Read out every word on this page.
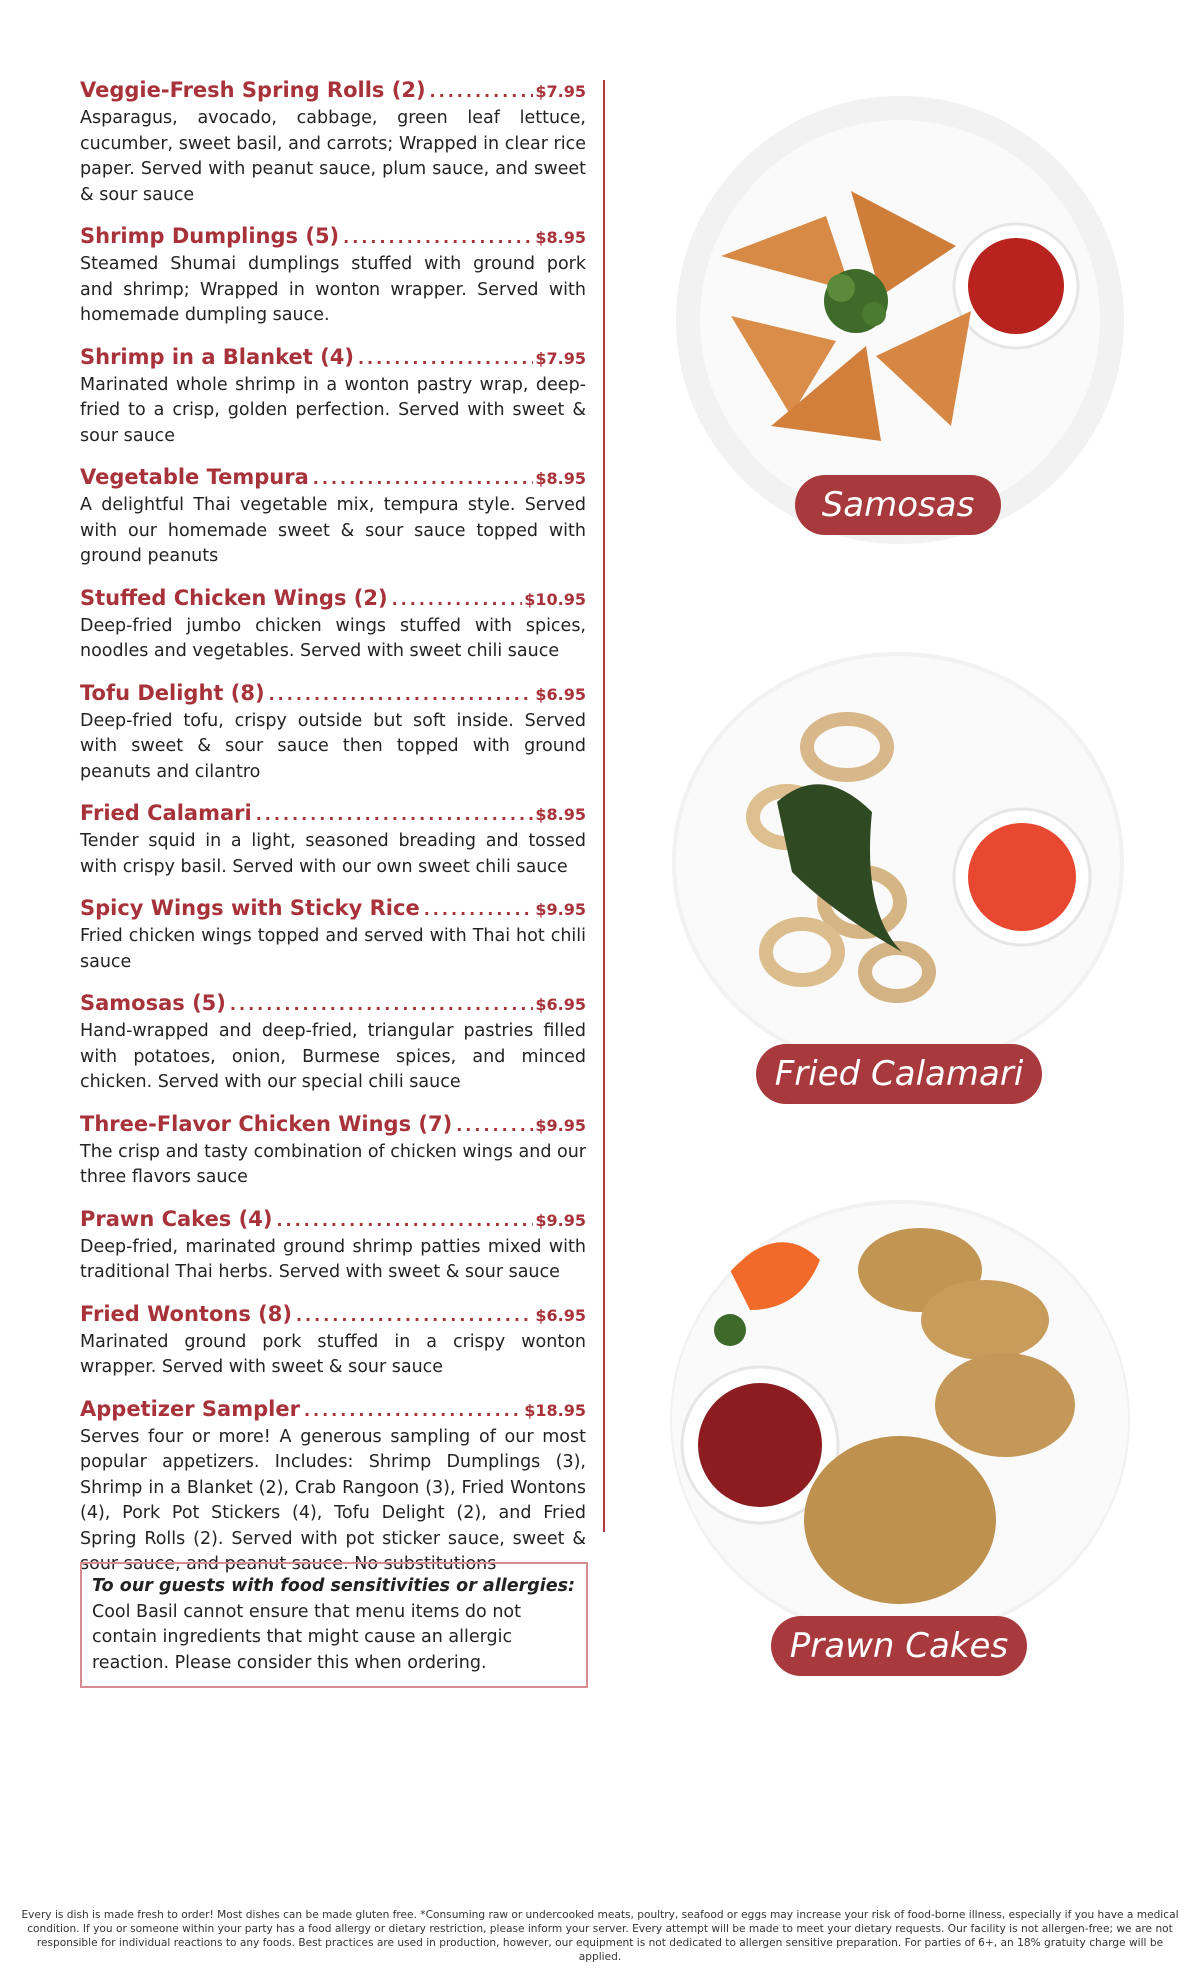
Veggie-Fresh Spring Rolls (2) .....	$7.95
Asparagus, avocado, cabbage, green leaf lettuce, cucumber, sweet basil, and carrots; Wrapped in clear rice paper. Served with peanut sauce, plum sauce, and sweet & sour sauce
Shrimp Dumplings (5) .....	$8.95
Steamed Shumai dumplings stuffed with ground pork and shrimp; Wrapped in wonton wrapper. Served with homemade dumpling sauce.
Shrimp in a Blanket (4) .....	$7.95
Marinated whole shrimp in a wonton pastry wrap, deep-fried to a crisp, golden perfection. Served with sweet & sour sauce
Vegetable Tempura .....	$8.95
A delightful Thai vegetable mix, tempura style. Served with our homemade sweet & sour sauce topped with ground peanuts
Stuffed Chicken Wings (2) .....	$10.95
Deep-fried jumbo chicken wings stuffed with spices, noodles and vegetables. Served with sweet chili sauce
Tofu Delight (8) .....	$6.95
Deep-fried tofu, crispy outside but soft inside. Served with sweet & sour sauce then topped with ground peanuts and cilantro
Fried Calamari .....	$8.95
Tender squid in a light, seasoned breading and tossed with crispy basil. Served with our own sweet chili sauce
Spicy Wings with Sticky Rice .....	$9.95
Fried chicken wings topped and served with Thai hot chili sauce
Samosas (5) .....	$6.95
Hand-wrapped and deep-fried, triangular pastries filled with potatoes, onion, Burmese spices, and minced chicken. Served with our special chili sauce
Three-Flavor Chicken Wings (7) .....	$9.95
The crisp and tasty combination of chicken wings and our three flavors sauce
Prawn Cakes (4) .....	$9.95
Deep-fried, marinated ground shrimp patties mixed with traditional Thai herbs. Served with sweet & sour sauce
Fried Wontons (8) .....	$6.95
Marinated ground pork stuffed in a crispy wonton wrapper. Served with sweet & sour sauce
Appetizer Sampler .....	$18.95
Serves four or more! A generous sampling of our most popular appetizers. Includes: Shrimp Dumplings (3), Shrimp in a Blanket (2), Crab Rangoon (3), Fried Wontons (4), Pork Pot Stickers (4), Tofu Delight (2), and Fried Spring Rolls (2). Served with pot sticker sauce, sweet & sour sauce, and peanut sauce. No substitutions
To our guests with food sensitivities or allergies:
Cool Basil cannot ensure that menu items do not contain ingredients that might cause an allergic reaction. Please consider this when ordering.
Samosas
Fried Calamari
Prawn Cakes
Every is dish is made fresh to order! Most dishes can be made gluten free. *Consuming raw or undercooked meats, poultry, seafood or eggs may increase your risk of food-borne illness, especially if you have a medical condition. If you or someone within your party has a food allergy or dietary restriction, please inform your server. Every attempt will be made to meet your dietary requests. Our facility is not allergen-free; we are not responsible for individual reactions to any foods. Best practices are used in production, however, our equipment is not dedicated to allergen sensitive preparation. For parties of 6+, an 18% gratuity charge will be applied.
